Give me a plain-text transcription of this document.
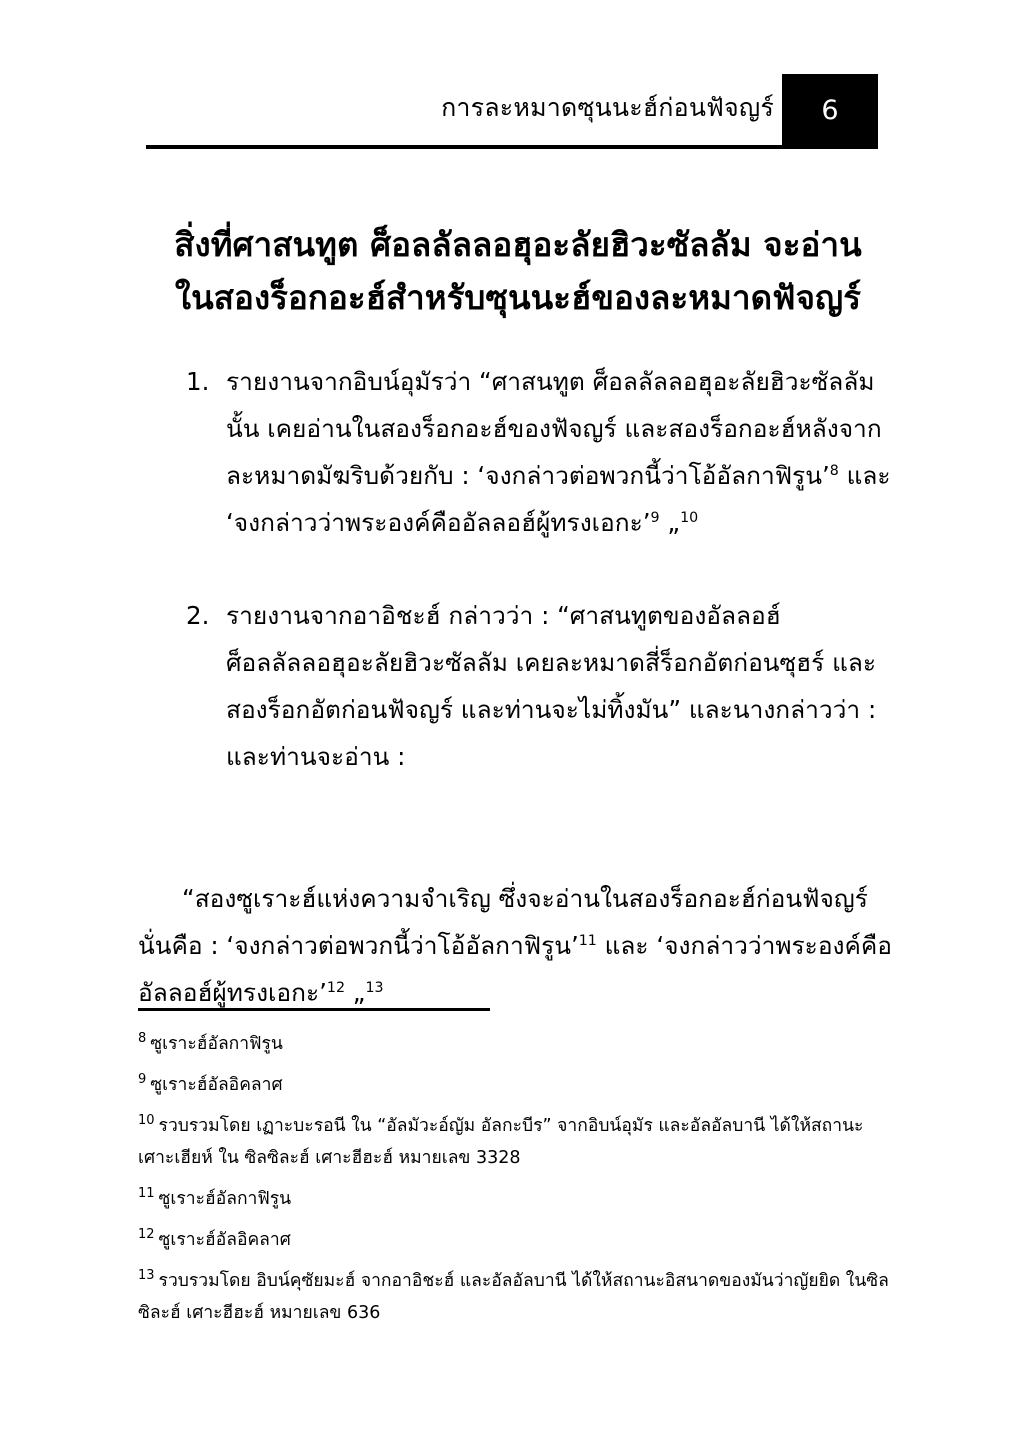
การละหมาดซุนนะฮ์ก่อนฟัจญร์ 6
สิ่งที่ศาสนทูต ศ็อลลัลลอฮุอะลัยฮิวะซัลลัม จะอ่าน
ในสองร็อกอะฮ์สำหรับซุนนะฮ์ของละหมาดฟัจญร์
1. รายงานจากอิบน์อุมัรว่า “ศาสนทูต ศ็อลลัลลอฮุอะลัยฮิวะซัลลัมนั้น เคยอ่านในสองร็อกอะฮ์ของฟัจญร์ และสองร็อกอะฮ์หลังจากละหมาดมัฆริบด้วยกับ : ‘จงกล่าวต่อพวกนี้ว่าโอ้อัลกาฟิรูน’$^8$ และ ‘จงกล่าวว่าพระองค์คืออัลลอฮ์ผู้ทรงเอกะ’$^9$ „$^{10}$
2. รายงานจากอาอิชะฮ์ กล่าวว่า : “ศาสนทูตของอัลลอฮ์ ศ็อลลัลลอฮุอะลัยฮิวะซัลลัม เคยละหมาดสี่ร็อกอัตก่อนซุฮร์ และสองร็อกอัตก่อนฟัจญร์ และท่านจะไม่ทิ้งมัน” และนางกล่าวว่า : และท่านจะอ่าน :

“สองซูเราะฮ์แห่งความจำเริญ ซึ่งจะอ่านในสองร็อกอะฮ์ก่อนฟัจญร์ นั่นคือ : ‘จงกล่าวต่อพวกนี้ว่าโอ้อัลกาฟิรูน’$^{11}$ และ ‘จงกล่าวว่าพระองค์คืออัลลอฮ์ผู้ทรงเอกะ’$^{12}$ „$^{13}$

$^8$ ซูเราะฮ์อัลกาฟิรูน
$^9$ ซูเราะฮ์อัลอิคลาศ
$^{10}$ รวบรวมโดย เฏาะบะรอนี ใน “อัลมัวะอ์ญัม อัลกะบีร” จากอิบน์อุมัร และอัลอัลบานี ได้ให้สถานะเศาะเฮียห์ ใน ซิลซิละฮ์ เศาะฮีฮะฮ์ หมายเลข 3328
$^{11}$ ซูเราะฮ์อัลกาฟิรูน
$^{12}$ ซูเราะฮ์อัลอิคลาศ
$^{13}$ รวบรวมโดย อิบน์คุซัยมะฮ์ จากอาอิชะฮ์ และอัลอัลบานี ได้ให้สถานะอิสนาดของมันว่าญัยยิด ในซิลซิละฮ์ เศาะฮีฮะฮ์ หมายเลข 636
